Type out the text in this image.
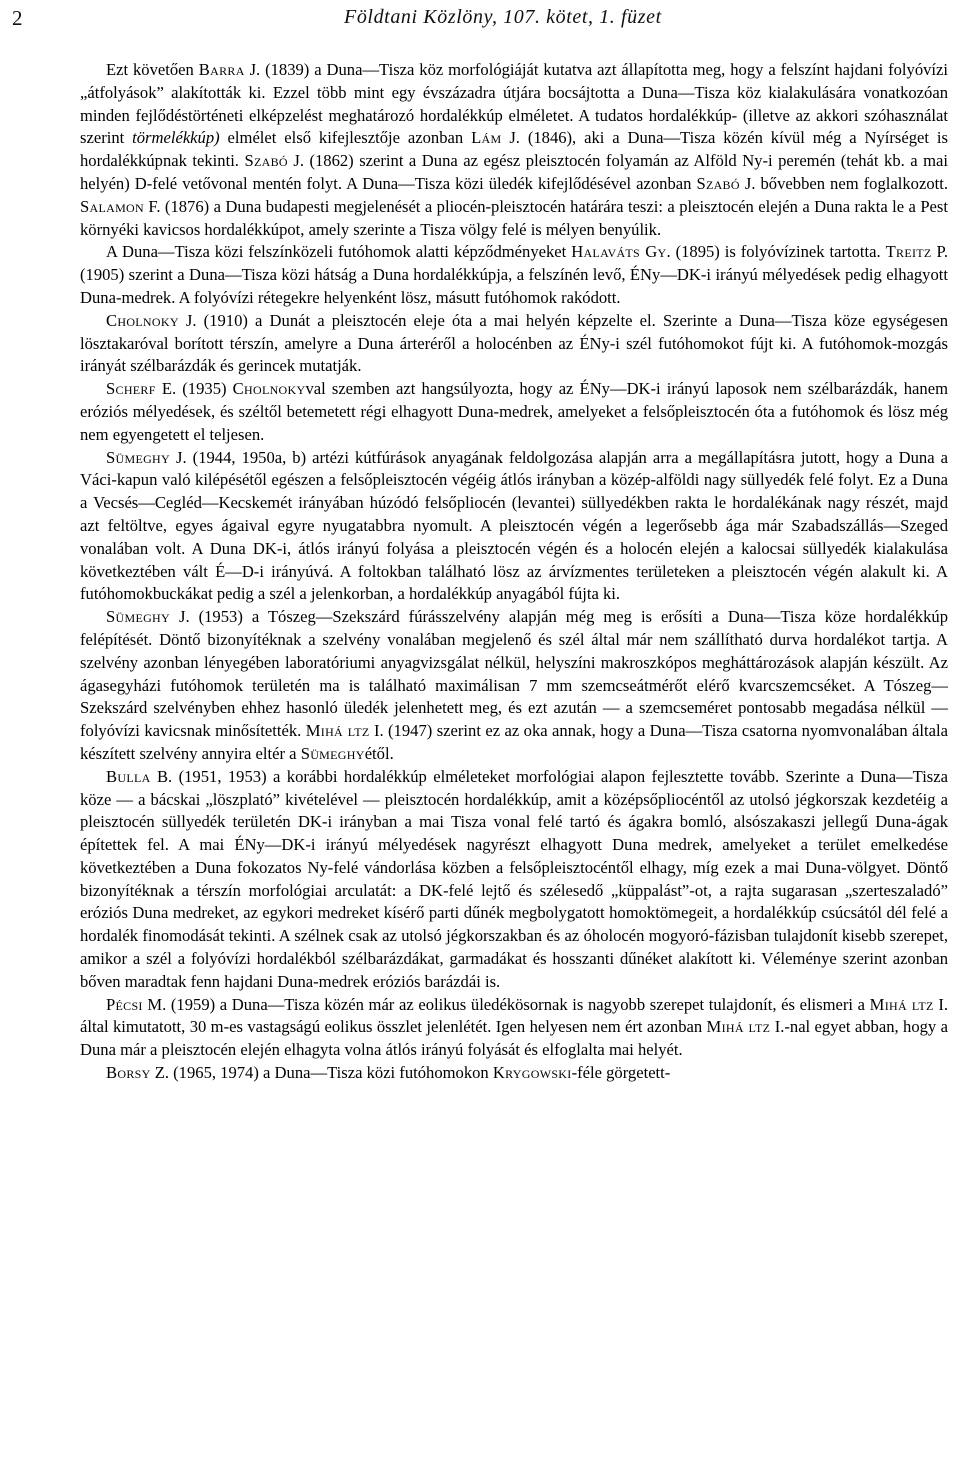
2	Földtani Közlöny, 107. kötet, 1. füzet

Ezt követően Barra J. (1839) a Duna—Tisza köz morfológiáját kutatva azt állapította meg, hogy a felszínt hajdani folyóvízi „átfolyások” alakították ki. Ezzel több mint egy évszázadra útjára bocsájtotta a Duna—Tisza köz kialakulására vonatkozóan minden fejlődéstörténeti elképzelést meghatározó hordalékkúp elméletet. A tudatos hordalékkúp- (illetve az akkori szóhasználat szerint törmelékkúp) elmélet első kifejlesztője azonban Lám J. (1846), aki a Duna—Tisza közén kívül még a Nyírséget is hordalékkúpnak tekinti. Szabó J. (1862) szerint a Duna az egész pleisztocén folyamán az Alföld Ny-i peremén (tehát kb. a mai helyén) D-felé vetővonal mentén folyt. A Duna—Tisza közi üledék kifejlődésével azonban Szabó J. bővebben nem foglalkozott. Salamon F. (1876) a Duna budapesti megjelenését a pliocén-pleisztocén határára teszi: a pleisztocén elején a Duna rakta le a Pest környéki kavicsos hordalékkúpot, amely szerinte a Tisza völgy felé is mélyen benyúlik.

A Duna—Tisza közi felszínközeli futóhomok alatti képződményeket Halaváts Gy. (1895) is folyóvízinek tartotta. Treitz P. (1905) szerint a Duna—Tisza közi hátság a Duna hordalékkúpja, a felszínén levő, ÉNy—DK-i irányú mélyedések pedig elhagyott Duna-medrek. A folyóvízi rétegekre helyenként lösz, másutt futóhomok rakódott.

Cholnoky J. (1910) a Dunát a pleisztocén eleje óta a mai helyén képzelte el. Szerinte a Duna—Tisza köze egységesen lösztakaróval borított térszín, amelyre a Duna árteréről a holocénben az ÉNy-i szél futóhomokot fújt ki. A futóhomok-mozgás irányát szélbarázdák és gerincek mutatják.

Scherf E. (1935) Cholnokyval szemben azt hangsúlyozta, hogy az ÉNy—DK-i irányú laposok nem szélbarázdák, hanem eróziós mélyedések, és széltől betemetett régi elhagyott Duna-medrek, amelyeket a felsőpleisztocén óta a futóhomok és lösz még nem egyengetett el teljesen.

Sümeghy J. (1944, 1950a, b) artézi kútfúrások anyagának feldolgozása alapján arra a megállapításra jutott, hogy a Duna a Váci-kapun való kilépésétől egészen a felsőpleisztocén végéig átlós irányban a közép-alföldi nagy süllyedék felé folyt. Ez a Duna a Vecsés—Cegléd—Kecskemét irányában húzódó felsőpliocén (levantei) süllyedékben rakta le hordalékának nagy részét, majd azt feltöltve, egyes ágaival egyre nyugatabbra nyomult. A pleisztocén végén a legerősebb ága már Szabadszállás—Szeged vonalában volt. A Duna DK-i, átlós irányú folyása a pleisztocén végén és a holocén elején a kalocsai süllyedék kialakulása következtében vált É—D-i irányúvá. A foltokban található lösz az árvízmentes területeken a pleisztocén végén alakult ki. A futóhomokbuckákat pedig a szél a jelenkorban, a hordalékkúp anyagából fújta ki.

Sümeghy J. (1953) a Tószeg—Szekszárd fúrásszelvény alapján még meg is erősíti a Duna—Tisza köze hordalékkúp felépítését. Döntő bizonyítéknak a szelvény vonalában megjelenő és szél által már nem szállítható durva hordalékot tartja. A szelvény azonban lényegében laboratóriumi anyagvizsgálat nélkül, helyszíni makroszkópos megháttározások alapján készült. Az ágasegyházi futóhomok területén ma is található maximálisan 7 mm szemcseátmérőt elérő kvarcszemcséket. A Tószeg—Szekszárd szelvényben ehhez hasonló üledék jelenhetett meg, és ezt azután — a szemcseméret pontosabb megadása nélkül — folyóvízi kavicsnak minősítették. Mihá ltz I. (1947) szerint ez az oka annak, hogy a Duna—Tisza csatorna nyomvonalában általa készített szelvény annyira eltér a Sümeghyétől.

Bulla B. (1951, 1953) a korábbi hordalékkúp elméleteket morfológiai alapon fejlesztette tovább. Szerinte a Duna—Tisza köze — a bácskai „löszplató” kivételével — pleisztocén hordalékkúp, amit a középsőpliocéntől az utolsó jégkorszak kezdetéig a pleisztocén süllyedék területén DK-i irányban a mai Tisza vonal felé tartó és ágakra bomló, alsószakaszi jellegű Duna-ágak építettek fel. A mai ÉNy—DK-i irányú mélyedések nagyrészt elhagyott Duna medrek, amelyeket a terület emelkedése következtében a Duna fokozatos Ny-felé vándorlása közben a felsőpleisztocéntől elhagy, míg ezek a mai Duna-völgyet. Döntő bizonyítéknak a térszín morfológiai arculatát: a DK-felé lejtő és szélesedő „küppalást”-ot, a rajta sugarasan „szerteszaladó” eróziós Duna medreket, az egykori medreket kísérő parti dűnék megbolygatott homoktömegeit, a hordalékkúp csúcsától dél felé a hordalék finomodását tekinti. A szélnek csak az utolsó jégkorszakban és az óholocén mogyoró-fázisban tulajdonít kisebb szerepet, amikor a szél a folyóvízi hordalékból szélbarázdákat, garmadákat és hosszanti dűnéket alakított ki. Véleménye szerint azonban bőven maradtak fenn hajdani Duna-medrek eróziós barázdái is.

Pécsi M. (1959) a Duna—Tisza közén már az eolikus üledékösornak is nagyobb szerepet tulajdonít, és elismeri a Mihá ltz I. által kimutatott, 30 m-es vastagságú eolikus összlet jelenlétét. Igen helyesen nem ért azonban Mihá ltz I.-nal egyet abban, hogy a Duna már a pleisztocén elején elhagyta volna átlós irányú folyását és elfoglalta mai helyét.

Borsy Z. (1965, 1974) a Duna—Tisza közi futóhomokon Krygowski-féle görgetett-
